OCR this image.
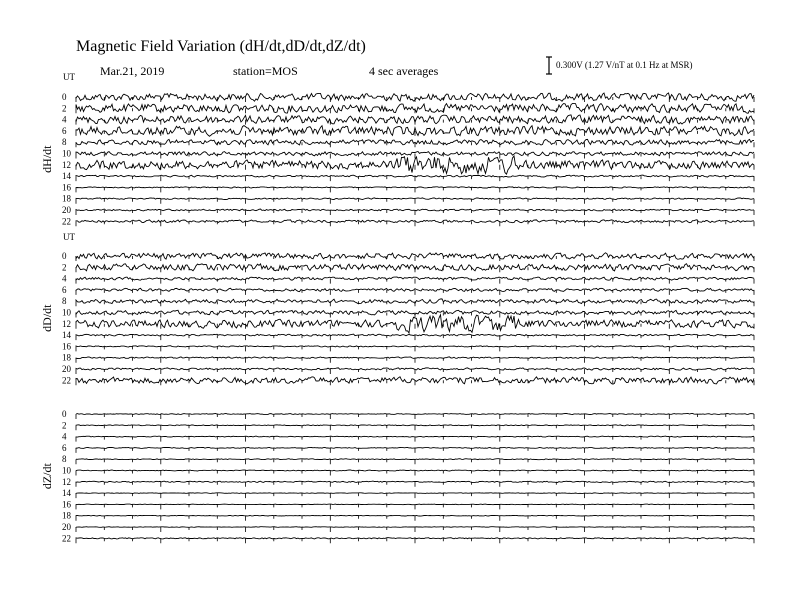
dH/dt
UT
0
2
4
6
8
10
12
14
16
18
20
22
dD/dt
UT
0
2
4
6
8
10
12
14
16
18
20
22
dZ/dt
0
2
4
6
8
10
12
14
16
18
20
22
Magnetic Field Variation (dH/dt,dD/dt,dZ/dt)
Mar.21, 2019	station=MOS	4 sec averages	0.300V (1.27 V/nT at 0.1 Hz at MSR)
